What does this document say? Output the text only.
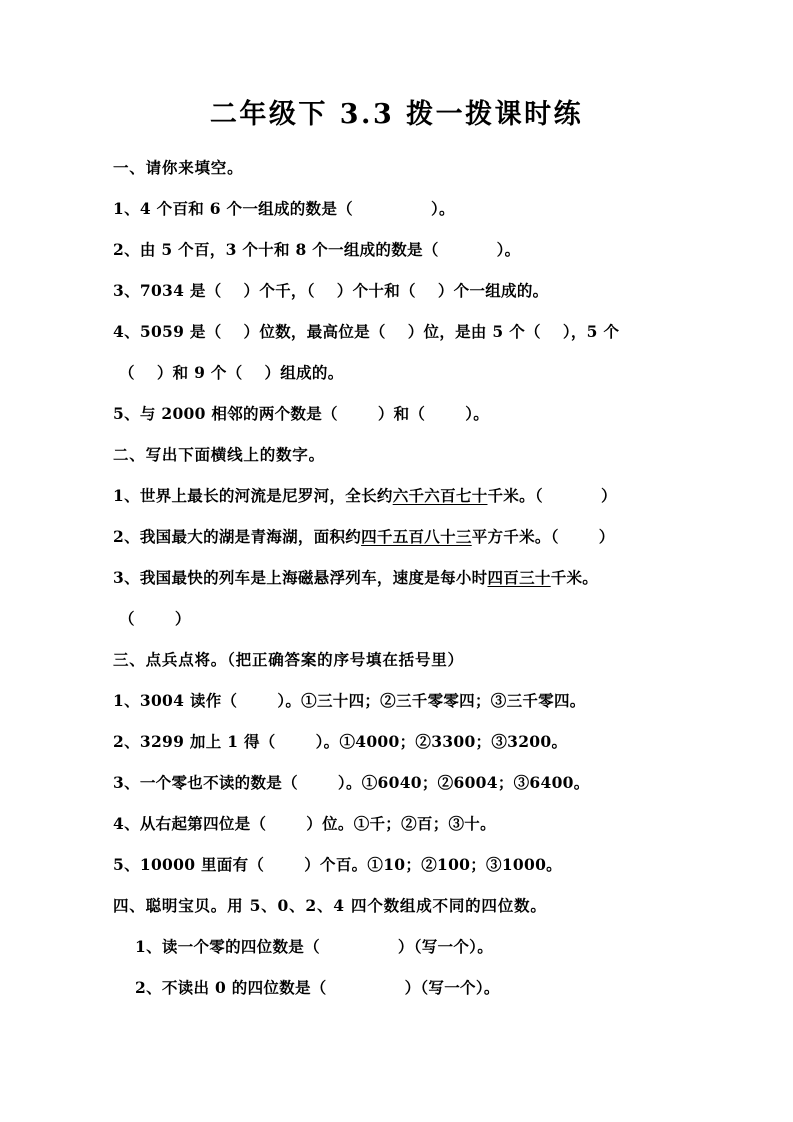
二年级下 3.3 拨一拨课时练
一、请你来填空。
1、4 个百和 6 个一组成的数是（	）。
2、由 5 个百，3 个十和 8 个一组成的数是（	）。
3、7034 是（ ）个千，（ ）个十和（ ）个一组成的。
4、5059 是（ ）位数，最高位是（ ）位，是由 5 个（ ），5 个
（ ）和 9 个（ ）组成的。
5、与 2000 相邻的两个数是（	）和（	）。
二、写出下面横线上的数字。
1、世界上最长的河流是尼罗河，全长约六千六百七十千米。（	）
2、我国最大的湖是青海湖，面积约四千五百八十三平方千米。（	）
3、我国最快的列车是上海磁悬浮列车，速度是每小时四百三十千米。
（	）
三、点兵点将。（把正确答案的序号填在括号里）
1、3004 读作（	）。①三十四；②三千零零四；③三千零四。
2、3299 加上 1 得（	）。①4000；②3300；③3200。
3、一个零也不读的数是（	）。①6040；②6004；③6400。
4、从右起第四位是（	）位。①千；②百；③十。
5、10000 里面有（	）个百。①10；②100；③1000。
四、聪明宝贝。用 5、0、2、4 四个数组成不同的四位数。
1、读一个零的四位数是（	）（写一个）。
2、不读出 0 的四位数是（	）（写一个）。
